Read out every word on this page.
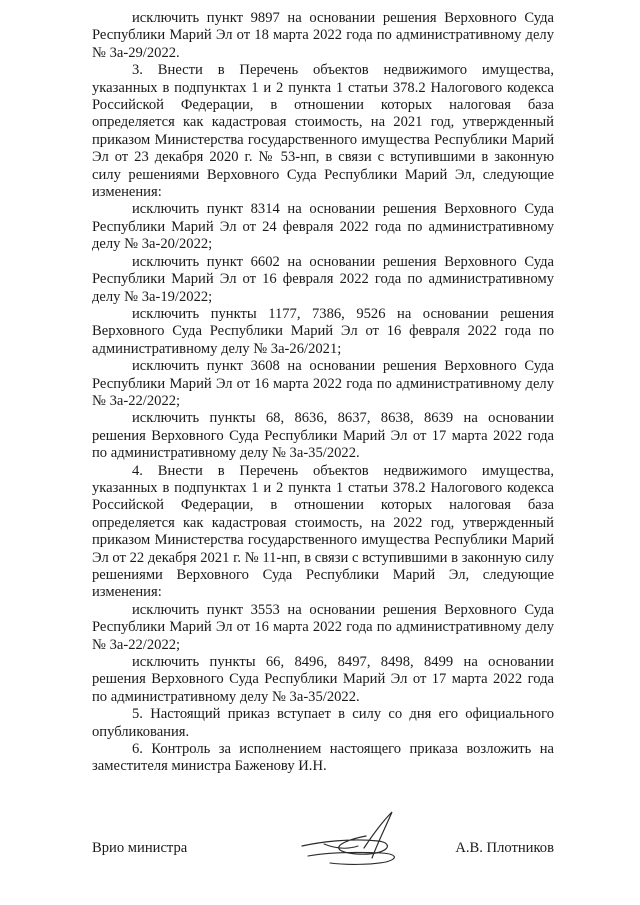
исключить пункт 9897 на основании решения Верховного Суда Республики Марий Эл от 18 марта 2022 года по административному делу № 3а-29/2022.

3. Внести в Перечень объектов недвижимого имущества, указанных в подпунктах 1 и 2 пункта 1 статьи 378.2 Налогового кодекса Российской Федерации, в отношении которых налоговая база определяется как кадастровая стоимость, на 2021 год, утвержденный приказом Министерства государственного имущества Республики Марий Эл от 23 декабря 2020 г. № 53-нп, в связи с вступившими в законную силу решениями Верховного Суда Республики Марий Эл, следующие изменения:

исключить пункт 8314 на основании решения Верховного Суда Республики Марий Эл от 24 февраля 2022 года по административному делу № 3а-20/2022;

исключить пункт 6602 на основании решения Верховного Суда Республики Марий Эл от 16 февраля 2022 года по административному делу № 3а-19/2022;

исключить пункты 1177, 7386, 9526 на основании решения Верховного Суда Республики Марий Эл от 16 февраля 2022 года по административному делу № 3а-26/2021;

исключить пункт 3608 на основании решения Верховного Суда Республики Марий Эл от 16 марта 2022 года по административному делу № 3а-22/2022;

исключить пункты 68, 8636, 8637, 8638, 8639 на основании решения Верховного Суда Республики Марий Эл от 17 марта 2022 года по административному делу № 3а-35/2022.

4. Внести в Перечень объектов недвижимого имущества, указанных в подпунктах 1 и 2 пункта 1 статьи 378.2 Налогового кодекса Российской Федерации, в отношении которых налоговая база определяется как кадастровая стоимость, на 2022 год, утвержденный приказом Министерства государственного имущества Республики Марий Эл от 22 декабря 2021 г. № 11-нп, в связи с вступившими в законную силу решениями Верховного Суда Республики Марий Эл, следующие изменения:

исключить пункт 3553 на основании решения Верховного Суда Республики Марий Эл от 16 марта 2022 года по административному делу № 3а-22/2022;

исключить пункты 66, 8496, 8497, 8498, 8499 на основании решения Верховного Суда Республики Марий Эл от 17 марта 2022 года по административному делу № 3а-35/2022.

5. Настоящий приказ вступает в силу со дня его официального опубликования.

6. Контроль за исполнением настоящего приказа возложить на заместителя министра Баженову И.Н.

Врио министра	А.В. Плотников
